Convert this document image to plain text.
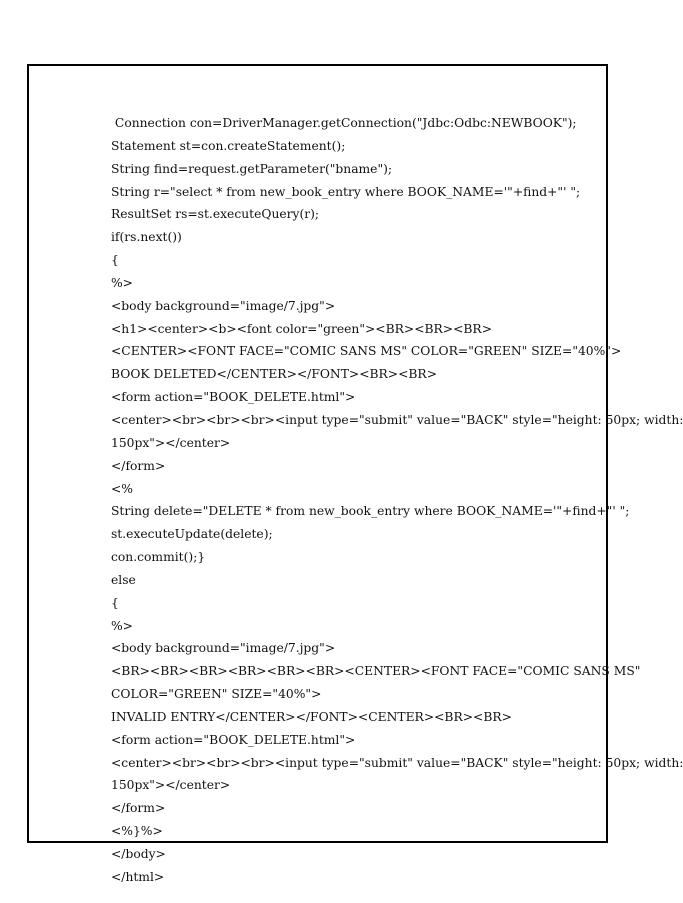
Connection con=DriverManager.getConnection("Jdbc:Odbc:NEWBOOK");
Statement st=con.createStatement();
String find=request.getParameter("bname");
String r="select * from new_book_entry where BOOK_NAME='"+find+"' ";
ResultSet rs=st.executeQuery(r);
if(rs.next())
{
%>
<body background="image/7.jpg">
<h1><center><b><font color="green"><BR><BR><BR>
<CENTER><FONT FACE="COMIC SANS MS" COLOR="GREEN" SIZE="40%">
BOOK DELETED</CENTER></FONT><BR><BR>
<form action="BOOK_DELETE.html">
<center><br><br><br><input type="submit" value="BACK" style="height: 50px; width:
150px"></center>
</form>
<%
String delete="DELETE * from new_book_entry where BOOK_NAME='"+find+"' ";
st.executeUpdate(delete);
con.commit();}
else
{
%>
<body background="image/7.jpg">
<BR><BR><BR><BR><BR><BR><CENTER><FONT FACE="COMIC SANS MS"
COLOR="GREEN" SIZE="40%">
INVALID ENTRY</CENTER></FONT><CENTER><BR><BR>
<form action="BOOK_DELETE.html">
<center><br><br><br><input type="submit" value="BACK" style="height: 50px; width:
150px"></center>
</form>
<%}%>
</body>
</html>
